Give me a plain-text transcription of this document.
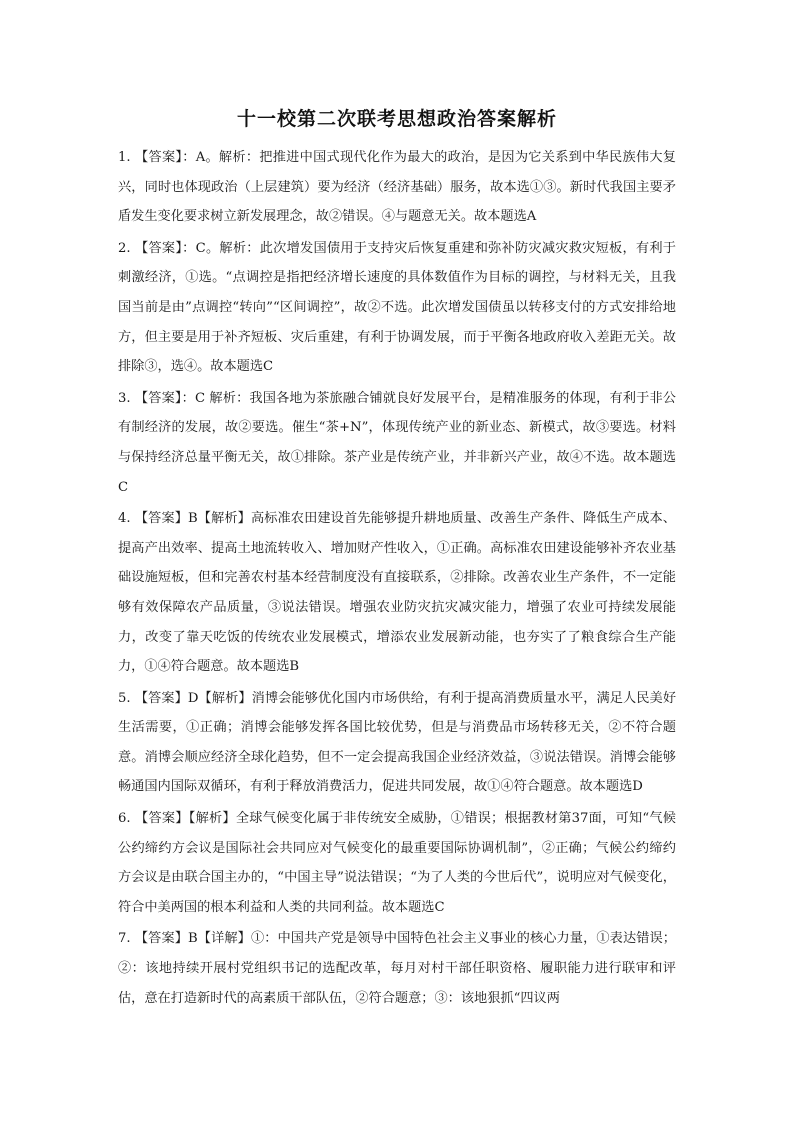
十一校第二次联考思想政治答案解析

1. 【答案】：A。解析：把推进中国式现代化作为最大的政治，是因为它关系到中华民族伟大复兴，同时也体现政治（上层建筑）要为经济（经济基础）服务，故本选①③。新时代我国主要矛盾发生变化要求树立新发展理念，故②错误。④与题意无关。故本题选A

2. 【答案】：C。解析：此次增发国债用于支持灾后恢复重建和弥补防灾减灾救灾短板，有利于刺激经济，①选。“点调控是指把经济增长速度的具体数值作为目标的调控，与材料无关，且我国当前是由”点调控“转向”“区间调控”，故②不选。此次增发国债虽以转移支付的方式安排给地方，但主要是用于补齐短板、灾后重建，有利于协调发展，而于平衡各地政府收入差距无关。故排除③，选④。故本题选C

3. 【答案】：C 解析：我国各地为茶旅融合铺就良好发展平台，是精准服务的体现，有利于非公有制经济的发展，故②要选。催生“茶+N”，体现传统产业的新业态、新模式，故③要选。材料与保持经济总量平衡无关，故①排除。茶产业是传统产业，并非新兴产业，故④不选。故本题选C

4. 【答案】B【解析】高标准农田建设首先能够提升耕地质量、改善生产条件、降低生产成本、提高产出效率、提高土地流转收入、增加财产性收入，①正确。高标准农田建设能够补齐农业基础设施短板，但和完善农村基本经营制度没有直接联系，②排除。改善农业生产条件，不一定能够有效保障农产品质量，③说法错误。增强农业防灾抗灾减灾能力，增强了农业可持续发展能力，改变了靠天吃饭的传统农业发展模式，增添农业发展新动能，也夯实了了粮食综合生产能力，①④符合题意。故本题选B

5. 【答案】D【解析】消博会能够优化国内市场供给，有利于提高消费质量水平，满足人民美好生活需要，①正确；消博会能够发挥各国比较优势，但是与消费品市场转移无关，②不符合题意。消博会顺应经济全球化趋势，但不一定会提高我国企业经济效益，③说法错误。消博会能够畅通国内国际双循环，有利于释放消费活力，促进共同发展，故①④符合题意。故本题选D

6. 【答案】【解析】全球气候变化属于非传统安全威胁，①错误；根据教材第37面，可知“气候公约缔约方会议是国际社会共同应对气候变化的最重要国际协调机制”，②正确；气候公约缔约方会议是由联合国主办的，“中国主导”说法错误；“为了人类的今世后代”，说明应对气候变化，符合中美两国的根本利益和人类的共同利益。故本题选C

7. 【答案】B【详解】①：中国共产党是领导中国特色社会主义事业的核心力量，①表达错误；②：该地持续开展村党组织书记的选配改革，每月对村干部任职资格、履职能力进行联审和评估，意在打造新时代的高素质干部队伍，②符合题意；③：该地狠抓“四议两
